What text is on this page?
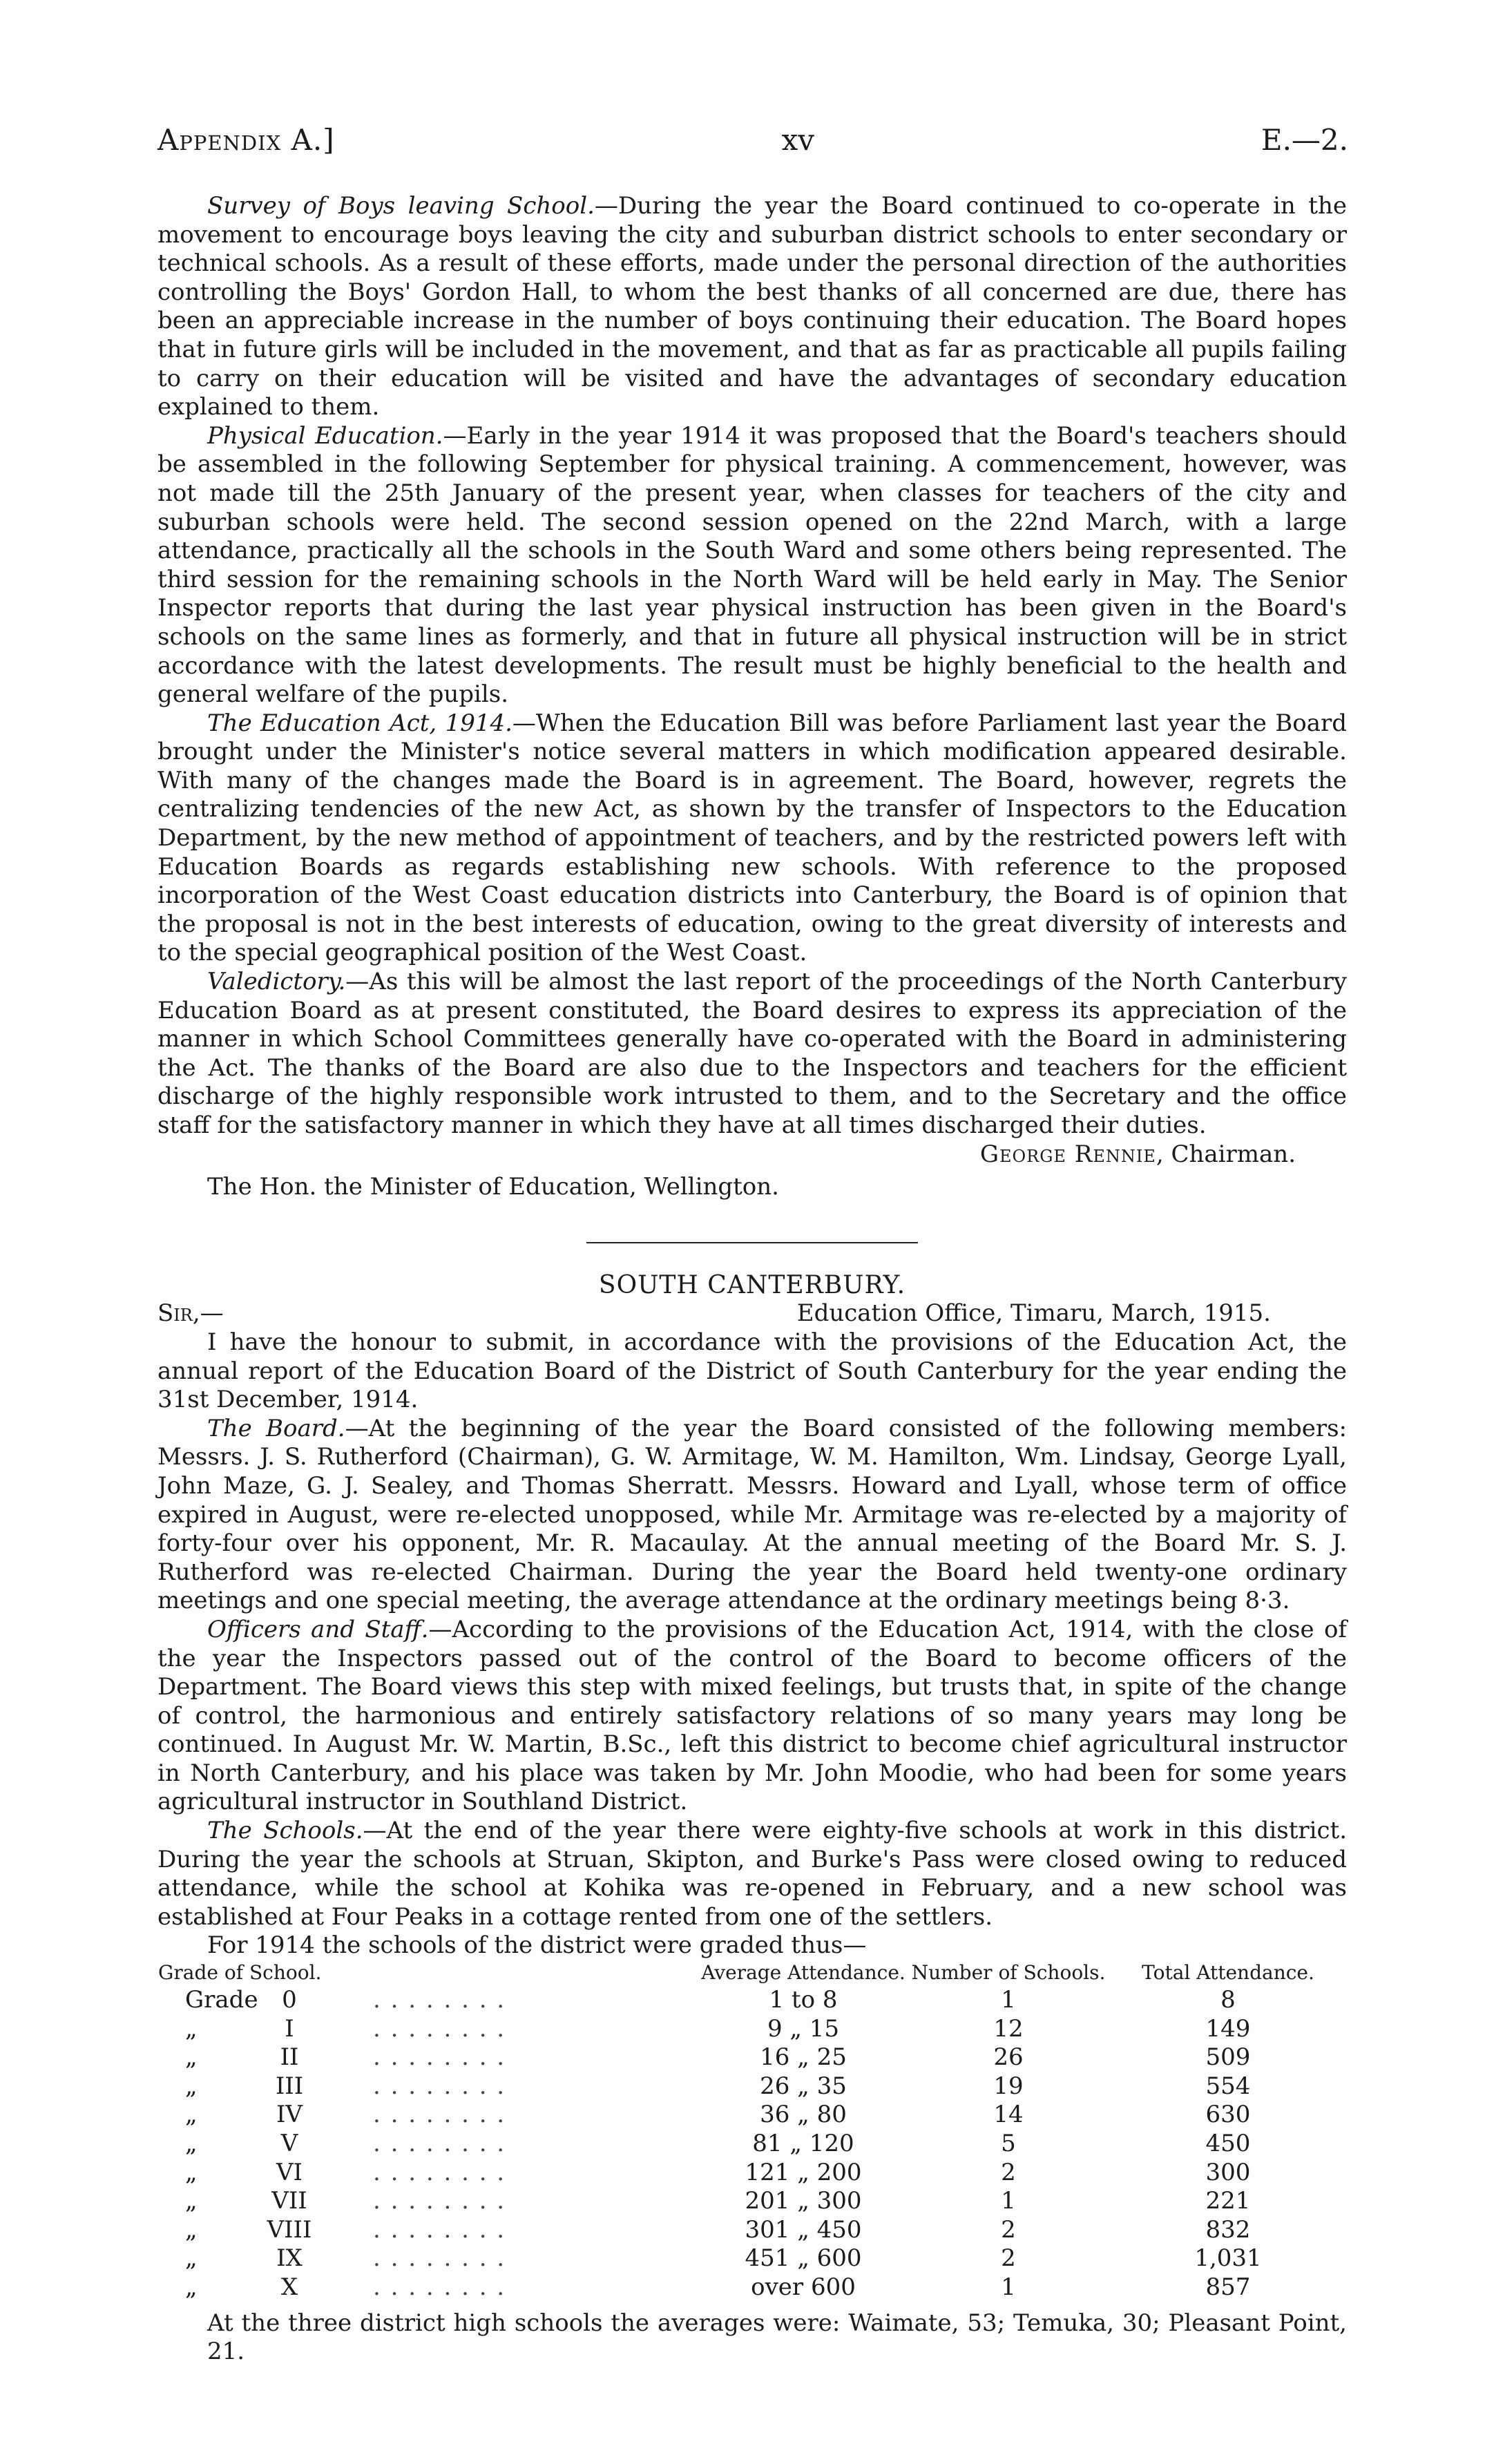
Appendix A.]	xv	E.—2.

Survey of Boys leaving School.—During the year the Board continued to co-operate in the movement to encourage boys leaving the city and suburban district schools to enter secondary or technical schools. As a result of these efforts, made under the personal direction of the authorities controlling the Boys' Gordon Hall, to whom the best thanks of all concerned are due, there has been an appreciable increase in the number of boys continuing their education. The Board hopes that in future girls will be included in the movement, and that as far as practicable all pupils failing to carry on their education will be visited and have the advantages of secondary education explained to them.

Physical Education.—Early in the year 1914 it was proposed that the Board's teachers should be assembled in the following September for physical training. A commencement, however, was not made till the 25th January of the present year, when classes for teachers of the city and suburban schools were held. The second session opened on the 22nd March, with a large attendance, practically all the schools in the South Ward and some others being represented. The third session for the remaining schools in the North Ward will be held early in May. The Senior Inspector reports that during the last year physical instruction has been given in the Board's schools on the same lines as formerly, and that in future all physical instruction will be in strict accordance with the latest developments. The result must be highly beneficial to the health and general welfare of the pupils.

The Education Act, 1914.—When the Education Bill was before Parliament last year the Board brought under the Minister's notice several matters in which modification appeared desirable. With many of the changes made the Board is in agreement. The Board, however, regrets the centralizing tendencies of the new Act, as shown by the transfer of Inspectors to the Education Department, by the new method of appointment of teachers, and by the restricted powers left with Education Boards as regards establishing new schools. With reference to the proposed incorporation of the West Coast education districts into Canterbury, the Board is of opinion that the proposal is not in the best interests of education, owing to the great diversity of interests and to the special geographical position of the West Coast.

Valedictory.—As this will be almost the last report of the proceedings of the North Canterbury Education Board as at present constituted, the Board desires to express its appreciation of the manner in which School Committees generally have co-operated with the Board in administering the Act. The thanks of the Board are also due to the Inspectors and teachers for the efficient discharge of the highly responsible work intrusted to them, and to the Secretary and the office staff for the satisfactory manner in which they have at all times discharged their duties.

George Rennie, Chairman.

The Hon. the Minister of Education, Wellington.

SOUTH CANTERBURY.

Sir,—	Education Office, Timaru, March, 1915.

I have the honour to submit, in accordance with the provisions of the Education Act, the annual report of the Education Board of the District of South Canterbury for the year ending the 31st December, 1914.

The Board.—At the beginning of the year the Board consisted of the following members: Messrs. J. S. Rutherford (Chairman), G. W. Armitage, W. M. Hamilton, Wm. Lindsay, George Lyall, John Maze, G. J. Sealey, and Thomas Sherratt. Messrs. Howard and Lyall, whose term of office expired in August, were re-elected unopposed, while Mr. Armitage was re-elected by a majority of forty-four over his opponent, Mr. R. Macaulay. At the annual meeting of the Board Mr. S. J. Rutherford was re-elected Chairman. During the year the Board held twenty-one ordinary meetings and one special meeting, the average attendance at the ordinary meetings being 8·3.

Officers and Staff.—According to the provisions of the Education Act, 1914, with the close of the year the Inspectors passed out of the control of the Board to become officers of the Department. The Board views this step with mixed feelings, but trusts that, in spite of the change of control, the harmonious and entirely satisfactory relations of so many years may long be continued. In August Mr. W. Martin, B.Sc., left this district to become chief agricultural instructor in North Canterbury, and his place was taken by Mr. John Moodie, who had been for some years agricultural instructor in Southland District.

The Schools.—At the end of the year there were eighty-five schools at work in this district. During the year the schools at Struan, Skipton, and Burke's Pass were closed owing to reduced attendance, while the school at Kohika was re-opened in February, and a new school was established at Four Peaks in a cottage rented from one of the settlers.

For 1914 the schools of the district were graded thus—

Grade of School.		Average Attendance.	Number of Schools.	Total Attendance.
Grade 0	. . . . . . . .	1 to 8	1	8
„ I	. . . . . . . .	9 „ 15	12	149
„ II	. . . . . . . .	16 „ 25	26	509
„ III	. . . . . . . .	26 „ 35	19	554
„ IV	. . . . . . . .	36 „ 80	14	630
„ V	. . . . . . . .	81 „ 120	5	450
„ VI	. . . . . . . .	121 „ 200	2	300
„ VII	. . . . . . . .	201 „ 300	1	221
„ VIII	. . . . . . . .	301 „ 450	2	832
„ IX	. . . . . . . .	451 „ 600	2	1,031
„ X	. . . . . . . .	over 600	1	857

At the three district high schools the averages were: Waimate, 53; Temuka, 30; Pleasant Point, 21.
